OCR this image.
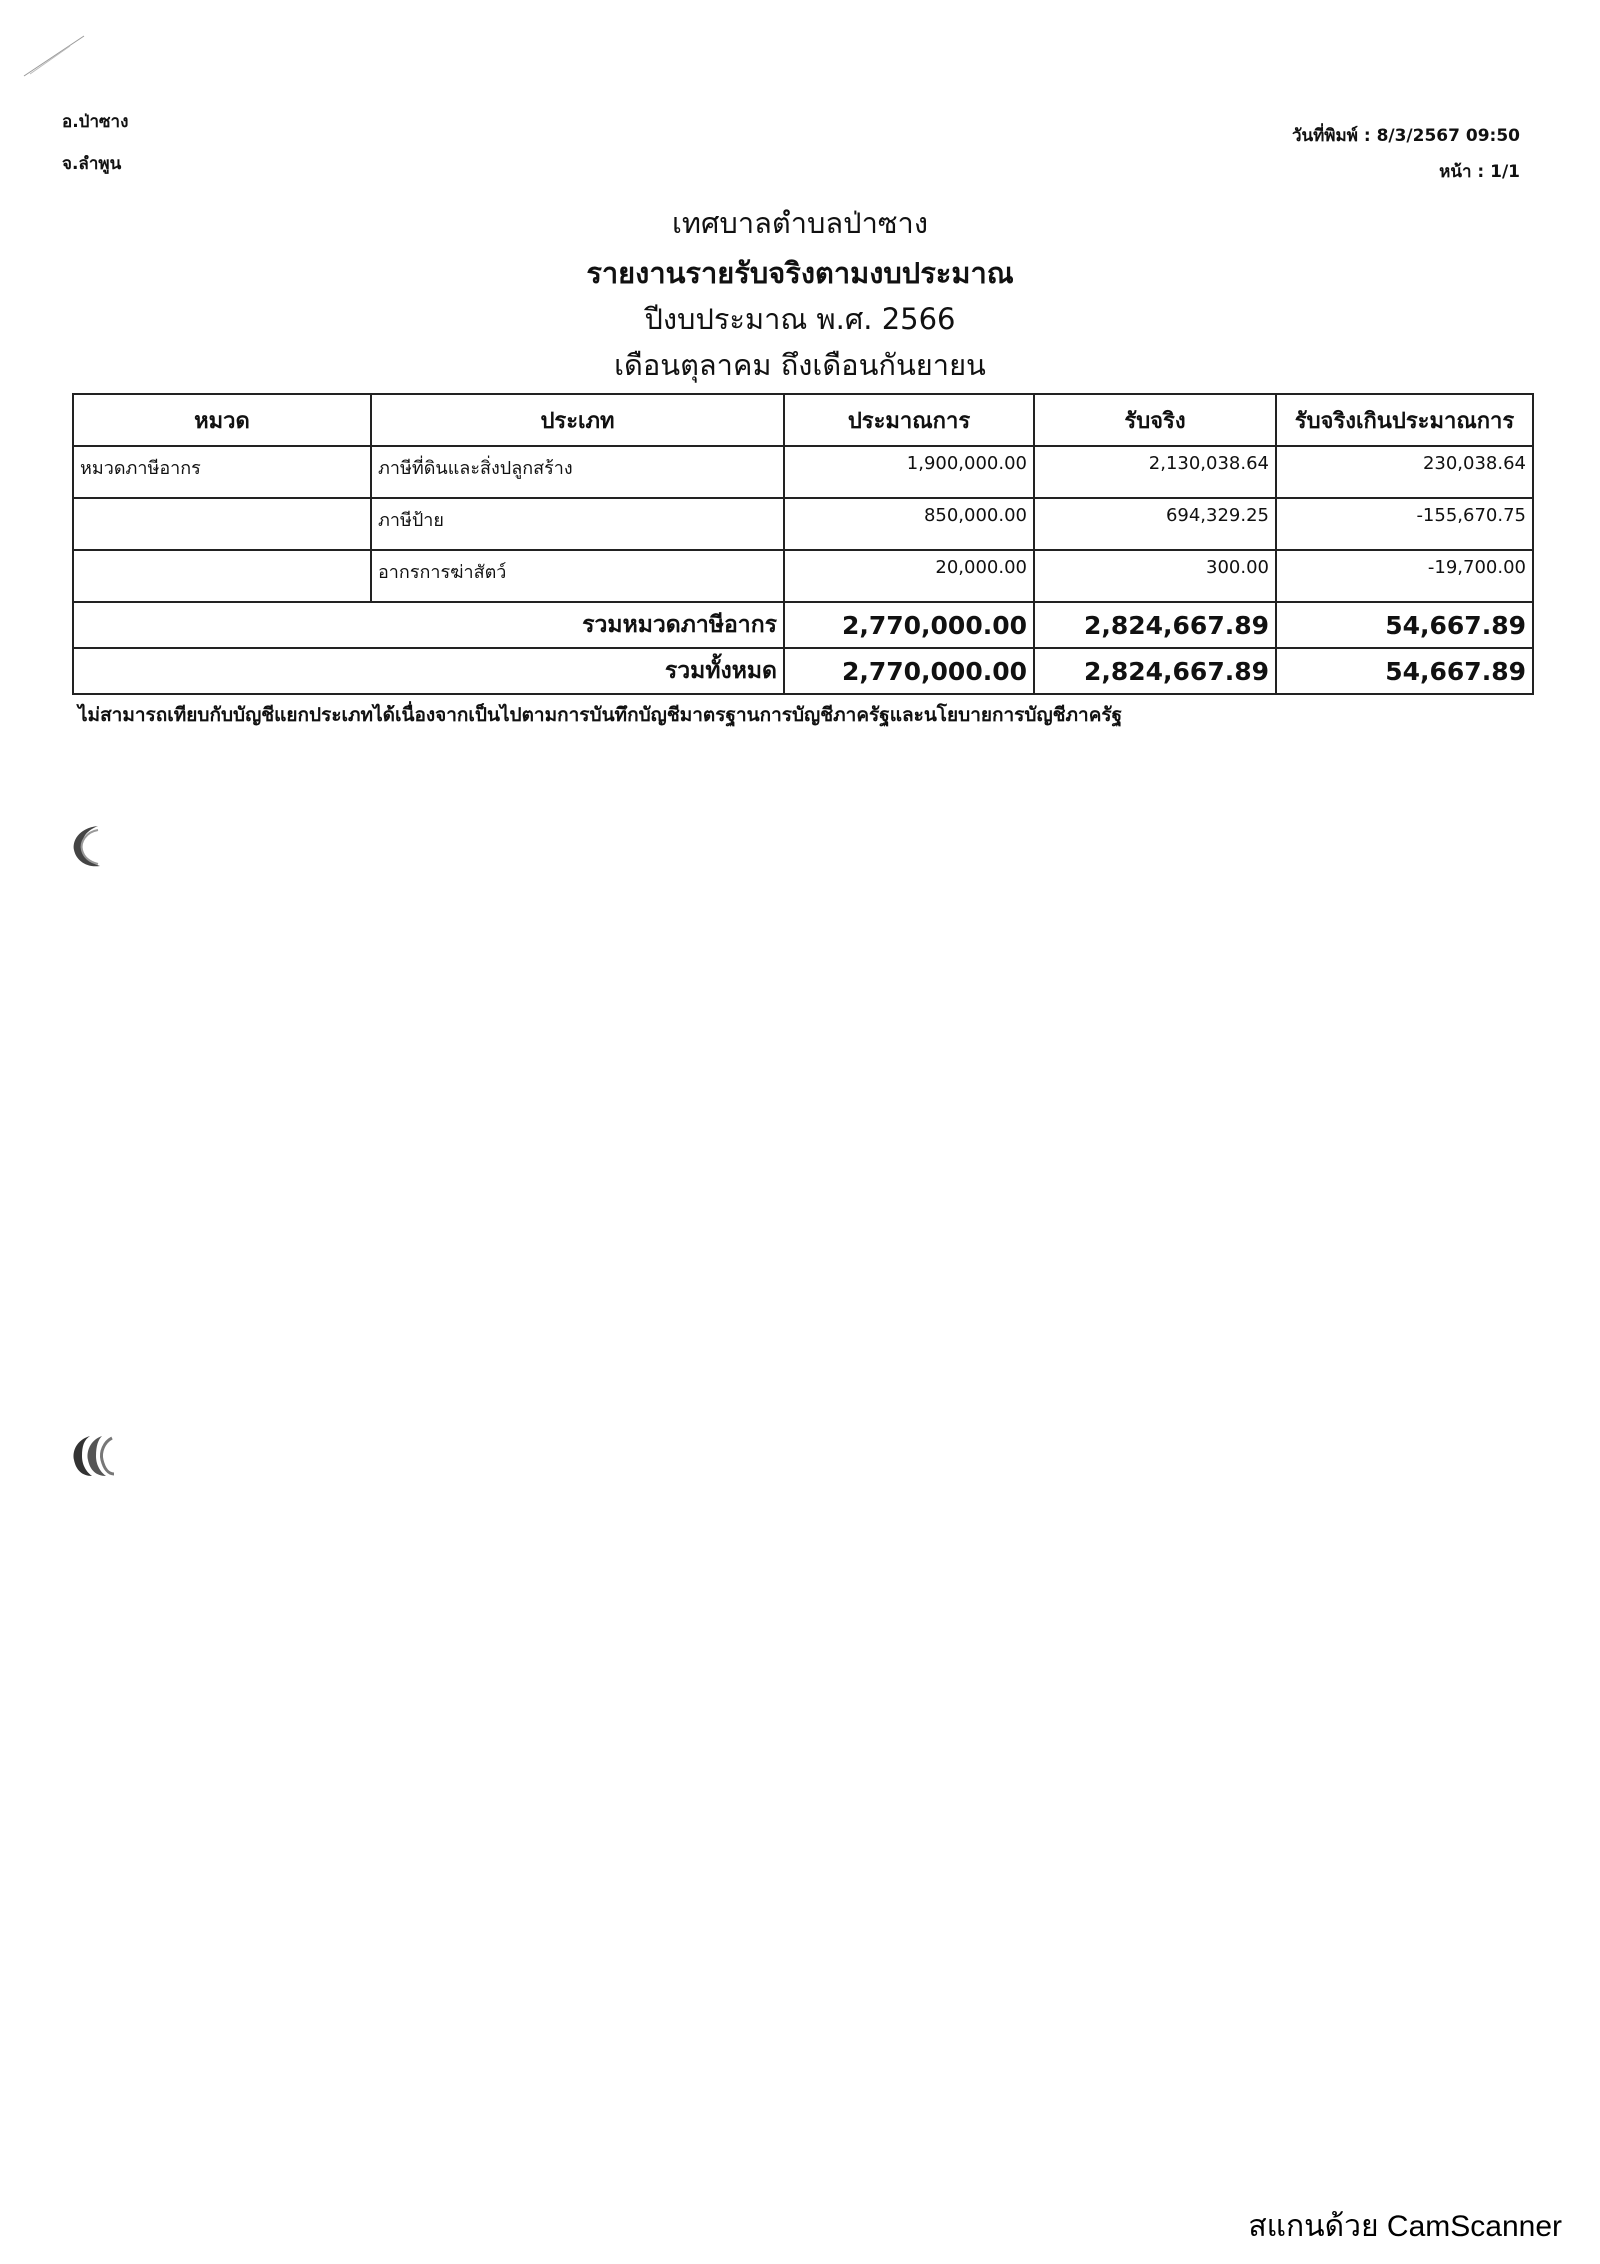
อ.ป่าซาง
จ.ลำพูน
วันที่พิมพ์ : 8/3/2567 09:50
หน้า : 1/1
เทศบาลตำบลป่าซาง
รายงานรายรับจริงตามงบประมาณ
ปีงบประมาณ พ.ศ. 2566
เดือนตุลาคม ถึงเดือนกันยายน
หมวด	ประเภท	ประมาณการ	รับจริง	รับจริงเกินประมาณการ
หมวดภาษีอากร	ภาษีที่ดินและสิ่งปลูกสร้าง	1,900,000.00	2,130,038.64	230,038.64
	ภาษีป้าย	850,000.00	694,329.25	-155,670.75
	อากรการฆ่าสัตว์	20,000.00	300.00	-19,700.00
รวมหมวดภาษีอากร		2,770,000.00	2,824,667.89	54,667.89
รวมทั้งหมด		2,770,000.00	2,824,667.89	54,667.89
ไม่สามารถเทียบกับบัญชีแยกประเภทได้เนื่องจากเป็นไปตามการบันทึกบัญชีมาตรฐานการบัญชีภาครัฐและนโยบายการบัญชีภาครัฐ
สแกนด้วย CamScanner
